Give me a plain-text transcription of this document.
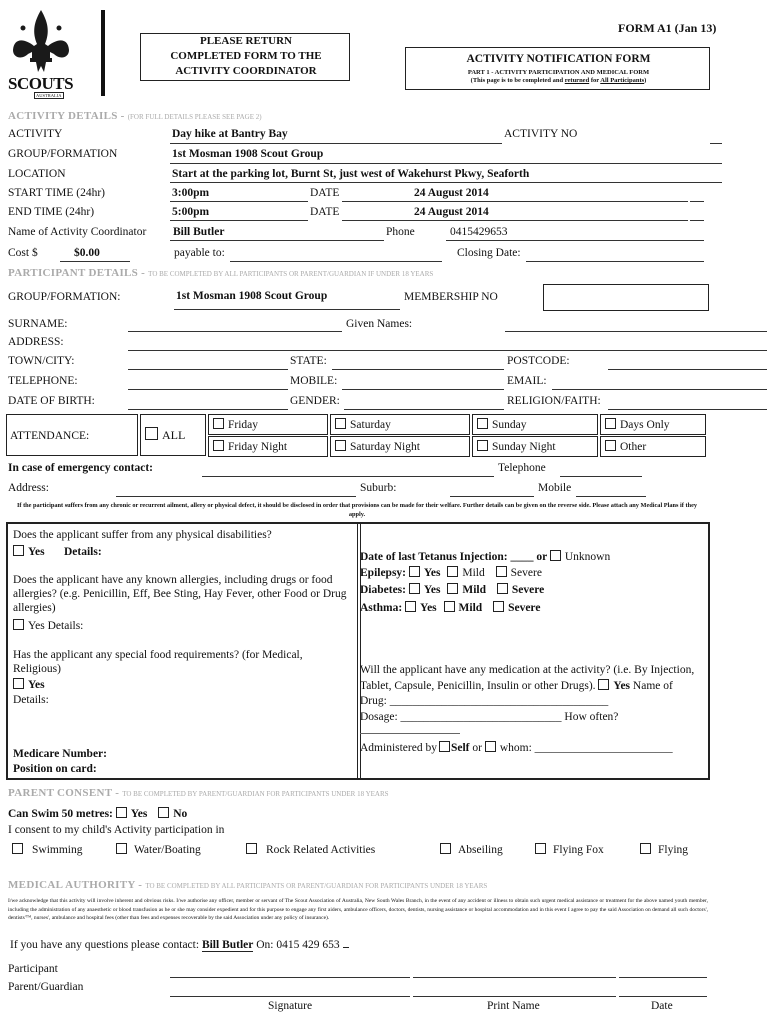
SCOUTS
AUSTRALIA
PLEASE RETURN
COMPLETED FORM TO THE
ACTIVITY COORDINATOR
FORM A1 (Jan 13)
ACTIVITY NOTIFICATION FORM
PART 1 - ACTIVITY PARTICIPATION AND MEDICAL FORM
(This page is to be completed and returned for All Participants)
ACTIVITY DETAILS - (FOR FULL DETAILS PLEASE SEE PAGE 2)
ACTIVITY	Day hike at Bantry Bay	ACTIVITY NO
GROUP/FORMATION	1st Mosman 1908 Scout Group
LOCATION	Start at the parking lot, Burnt St, just west of Wakehurst Pkwy, Seaforth
START TIME (24hr)	3:00pm	DATE	24 August 2014
END TIME (24hr)	5:00pm	DATE	24 August 2014
Name of Activity Coordinator Bill Butler	Phone	0415429653
Cost $	$0.00	payable to:	Closing Date:
PARTICIPANT DETAILS - TO BE COMPLETED BY ALL PARTICIPANTS OR PARENT/GUARDIAN IF UNDER 18 YEARS
GROUP/FORMATION:	1st Mosman 1908 Scout Group	MEMBERSHIP NO
SURNAME:	Given Names:
ADDRESS:
TOWN/CITY:	STATE:	POSTCODE:
TELEPHONE:	MOBILE:	EMAIL:
DATE OF BIRTH:	GENDER:	RELIGION/FAITH:
ATTENDANCE:	ALL
Friday	Saturday	Sunday	Days Only
Friday Night	Saturday Night	Sunday Night	Other
In case of emergency contact:	Telephone
Address:	Suburb:	Mobile
If the participant suffers from any chronic or recurrent ailment, allery or physical defect, it should be disclosed in order that provisions can be made for their welfare. Further details can be given on the reverse side. Please attach any Medical Plans if they apply.
Does the applicant suffer from any physical disabilities?
Yes Details:
Does the applicant have any known allergies, including drugs or food allergies? (e.g. Penicillin, Eff, Bee Sting, Hay Fever, other Food or Drug allergies)
Yes Details:
Has the applicant any special food requirements? (for Medical, Religious)
Yes
Details:
Medicare Number:
Position on card:
Date of last Tetanus Injection: ____ or Unknown
Epilepsy: Yes Mild Severe
Diabetes: Yes Mild Severe
Asthma: Yes Mild Severe
Will the applicant have any medication at the activity? (i.e. By Injection, Tablet, Capsule, Penicillin, Insulin or other Drugs). Yes Name of
Drug: ______________________________________
Dosage: ____________________________ How often?
Administered by Self or whom: ________________________
PARENT CONSENT - TO BE COMPLETED BY PARENT/GUARDIAN FOR PARTICIPANTS UNDER 18 YEARS
Can Swim 50 metres: Yes No
I consent to my child's Activity participation in
Swimming	Water/Boating	Rock Related Activities	Abseiling	Flying Fox	Flying
MEDICAL AUTHORITY - TO BE COMPLETED BY ALL PARTICIPANTS OR PARENT/GUARDIAN FOR PARTICIPANTS UNDER 18 YEARS
I/we acknowledge that this activity will involve inherent and obvious risks. I/we authorise any officer, member or servant of The Scout Association of Australia, New South Wales Branch, in the event of any accident or illness to obtain such urgent medical assistance or treatment for the above named youth member, including the administration of any anaesthetic or blood transfusion as he or she may consider expedient and for this purpose to engage any first aiders, ambulance officers, doctors, dentists, nursing assistance or hospital accommodation and in this event I agree to pay the said Association on demand all such doctors', dentists'™, nurses', ambulance and hospital fees (other than fees and expenses recoverable by the said Association under any policy of insurance).
If you have any questions please contact: Bill Butler On: 0415 429 653
Participant
Parent/Guardian
Signature	Print Name	Date
